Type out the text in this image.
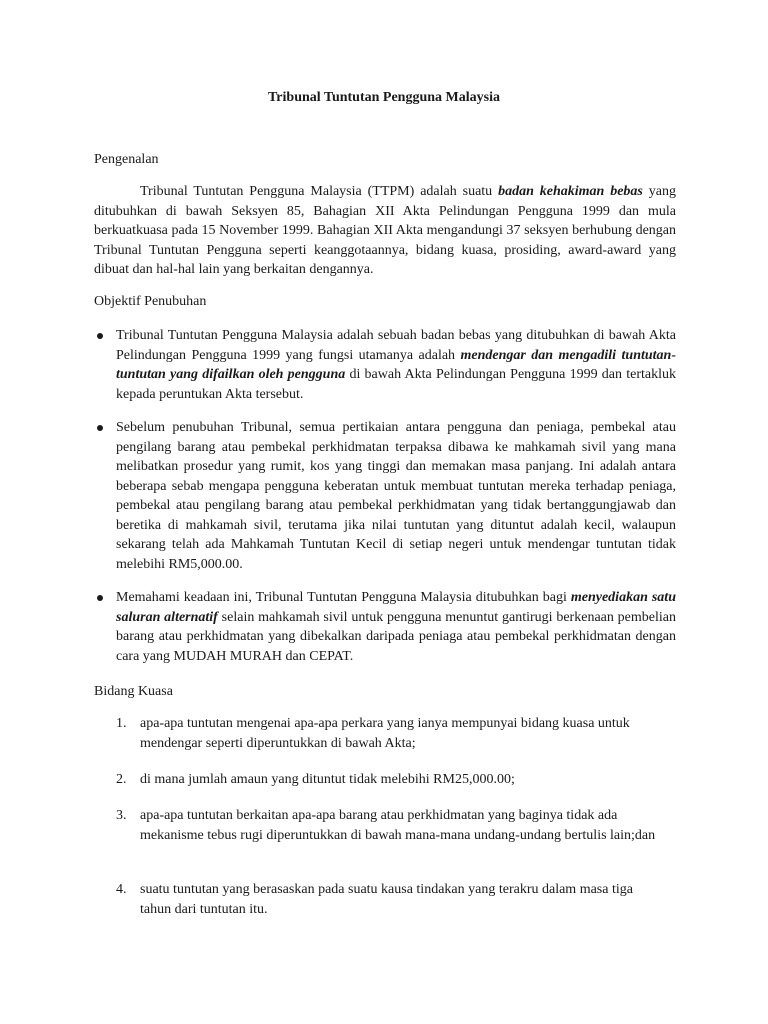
Tribunal Tuntutan Pengguna Malaysia
Pengenalan
Tribunal Tuntutan Pengguna Malaysia (TTPM) adalah suatu badan kehakiman bebas yang ditubuhkan di bawah Seksyen 85, Bahagian XII Akta Pelindungan Pengguna 1999 dan mula berkuatkuasa pada 15 November 1999. Bahagian XII Akta mengandungi 37 seksyen berhubung dengan Tribunal Tuntutan Pengguna seperti keanggotaannya, bidang kuasa, prosiding, award-award yang dibuat dan hal-hal lain yang berkaitan dengannya.
Objektif Penubuhan
Tribunal Tuntutan Pengguna Malaysia adalah sebuah badan bebas yang ditubuhkan di bawah Akta Pelindungan Pengguna 1999 yang fungsi utamanya adalah mendengar dan mengadili tuntutan-tuntutan yang difailkan oleh pengguna di bawah Akta Pelindungan Pengguna 1999 dan tertakluk kepada peruntukan Akta tersebut.
Sebelum penubuhan Tribunal, semua pertikaian antara pengguna dan peniaga, pembekal atau pengilang barang atau pembekal perkhidmatan terpaksa dibawa ke mahkamah sivil yang mana melibatkan prosedur yang rumit, kos yang tinggi dan memakan masa panjang. Ini adalah antara beberapa sebab mengapa pengguna keberatan untuk membuat tuntutan mereka terhadap peniaga, pembekal atau pengilang barang atau pembekal perkhidmatan yang tidak bertanggungjawab dan beretika di mahkamah sivil, terutama jika nilai tuntutan yang dituntut adalah kecil, walaupun sekarang telah ada Mahkamah Tuntutan Kecil di setiap negeri untuk mendengar tuntutan tidak melebihi RM5,000.00.
Memahami keadaan ini, Tribunal Tuntutan Pengguna Malaysia ditubuhkan bagi menyediakan satu saluran alternatif selain mahkamah sivil untuk pengguna menuntut gantirugi berkenaan pembelian barang atau perkhidmatan yang dibekalkan daripada peniaga atau pembekal perkhidmatan dengan cara yang MUDAH MURAH dan CEPAT.
Bidang Kuasa
1. apa-apa tuntutan mengenai apa-apa perkara yang ianya mempunyai bidang kuasa untuk mendengar seperti diperuntukkan di bawah Akta;
2. di mana jumlah amaun yang dituntut tidak melebihi RM25,000.00;
3. apa-apa tuntutan berkaitan apa-apa barang atau perkhidmatan yang baginya tidak ada mekanisme tebus rugi diperuntukkan di bawah mana-mana undang-undang bertulis lain;dan
4. suatu tuntutan yang berasaskan pada suatu kausa tindakan yang terakru dalam masa tiga tahun dari tuntutan itu.
